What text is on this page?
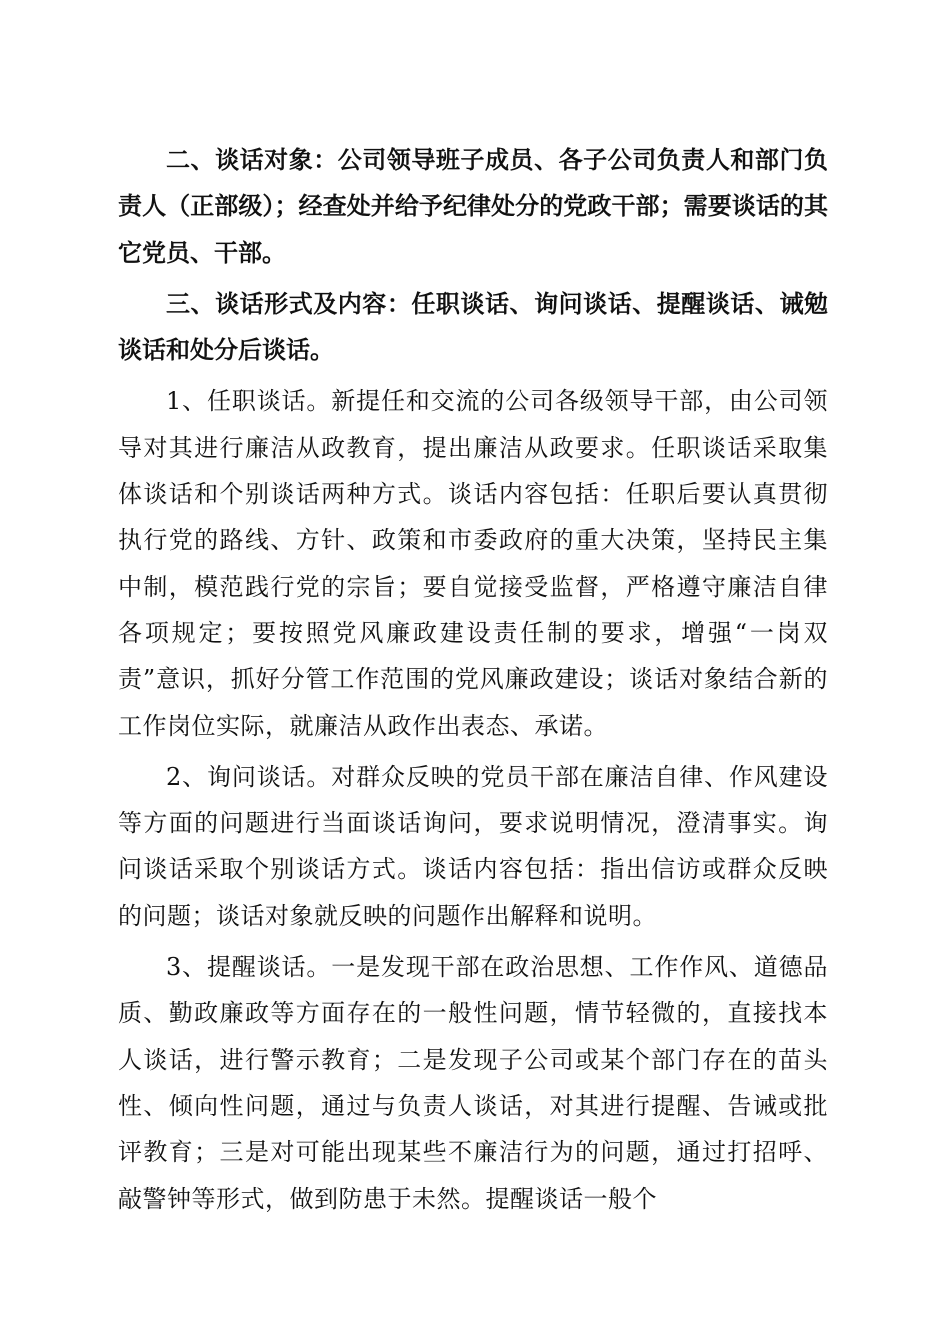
二、谈话对象：公司领导班子成员、各子公司负责人和部门负责人（正部级）；经查处并给予纪律处分的党政干部；需要谈话的其它党员、干部。

三、谈话形式及内容：任职谈话、询问谈话、提醒谈话、诫勉谈话和处分后谈话。

1、任职谈话。新提任和交流的公司各级领导干部，由公司领导对其进行廉洁从政教育，提出廉洁从政要求。任职谈话采取集体谈话和个别谈话两种方式。谈话内容包括：任职后要认真贯彻执行党的路线、方针、政策和市委政府的重大决策，坚持民主集中制，模范践行党的宗旨；要自觉接受监督，严格遵守廉洁自律各项规定；要按照党风廉政建设责任制的要求，增强“一岗双责”意识，抓好分管工作范围的党风廉政建设；谈话对象结合新的工作岗位实际，就廉洁从政作出表态、承诺。

2、询问谈话。对群众反映的党员干部在廉洁自律、作风建设等方面的问题进行当面谈话询问，要求说明情况，澄清事实。询问谈话采取个别谈话方式。谈话内容包括：指出信访或群众反映的问题；谈话对象就反映的问题作出解释和说明。

3、提醒谈话。一是发现干部在政治思想、工作作风、道德品质、勤政廉政等方面存在的一般性问题，情节轻微的，直接找本人谈话，进行警示教育；二是发现子公司或某个部门存在的苗头性、倾向性问题，通过与负责人谈话，对其进行提醒、告诫或批评教育；三是对可能出现某些不廉洁行为的问题，通过打招呼、敲警钟等形式，做到防患于未然。提醒谈话一般个
